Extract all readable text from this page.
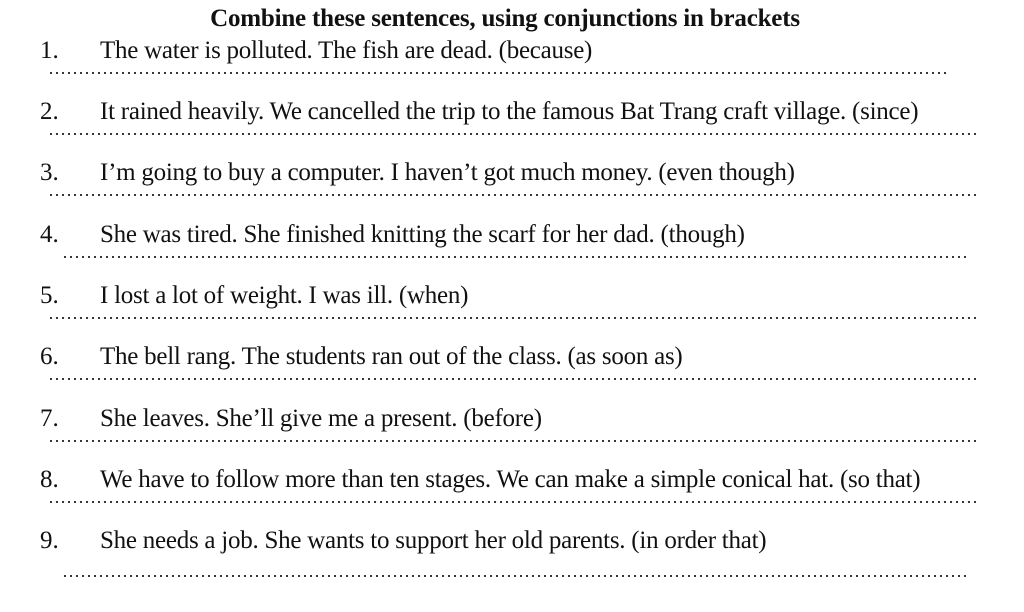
Combine these sentences, using conjunctions in brackets
1. The water is polluted. The fish are dead. (because)
2. It rained heavily. We cancelled the trip to the famous Bat Trang craft village. (since)
3. I’m going to buy a computer. I haven’t got much money. (even though)
4. She was tired. She finished knitting the scarf for her dad. (though)
5. I lost a lot of weight. I was ill. (when)
6. The bell rang. The students ran out of the class. (as soon as)
7. She leaves. She’ll give me a present. (before)
8. We have to follow more than ten stages. We can make a simple conical hat. (so that)
9. She needs a job. She wants to support her old parents. (in order that)
